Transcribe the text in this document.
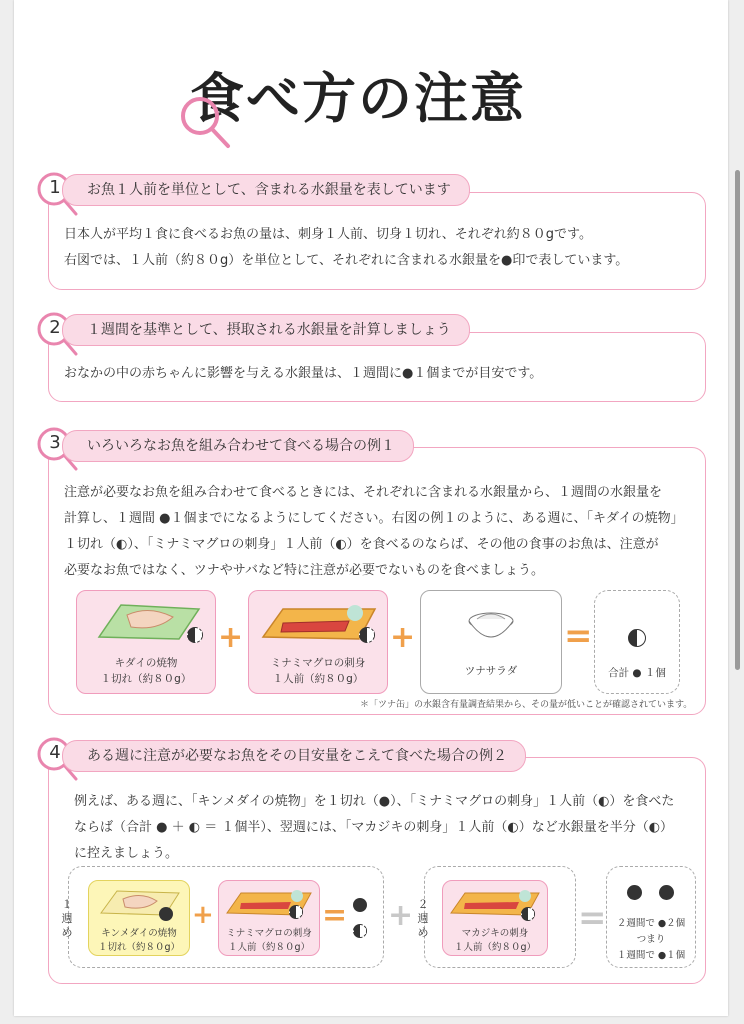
食べ方の注意
1	お魚１人前を単位として、含まれる水銀量を表しています
日本人が平均１食に食べるお魚の量は、刺身１人前、切身１切れ、それぞれ約８０gです。
右図では、１人前（約８０g）を単位として、それぞれに含まれる水銀量を●印で表しています。
2	１週間を基準として、摂取される水銀量を計算しましょう
おなかの中の赤ちゃんに影響を与える水銀量は、１週間に●１個までが目安です。
3	いろいろなお魚を組み合わせて食べる場合の例１
注意が必要なお魚を組み合わせて食べるときには、それぞれに含まれる水銀量から、１週間の水銀量を
計算し、１週間 ●１個までになるようにしてください。右図の例１のように、ある週に、「キダイの焼物」
１切れ（◐）、「ミナミマグロの刺身」１人前（◐）を食べるのならば、その他の食事のお魚は、注意が
必要なお魚ではなく、ツナやサバなど特に注意が必要でないものを食べましょう。
キダイの焼物
１切れ（約８０g）
+
ミナミマグロの刺身
１人前（約８０g）
+
ツナサラダ
=
合計 ● １個
＊「ツナ缶」の水銀含有量調査結果から、その量が低いことが確認されています。
4	ある週に注意が必要なお魚をその目安量をこえて食べた場合の例２
例えば、ある週に、「キンメダイの焼物」を１切れ（●）、「ミナミマグロの刺身」１人前（◐）を食べた
ならば（合計 ● ＋ ◐ ＝ １個半）、翌週には、「マカジキの刺身」１人前（◐）など水銀量を半分（◐）
に控えましょう。
１週め	キンメダイの焼物
１切れ（約８０g）
+
ミナミマグロの刺身
１人前（約８０g）
= + ２週め	マカジキの刺身
１人前（約８０g）
=	２週間で ●２個
つまり
１週間で ●１個
